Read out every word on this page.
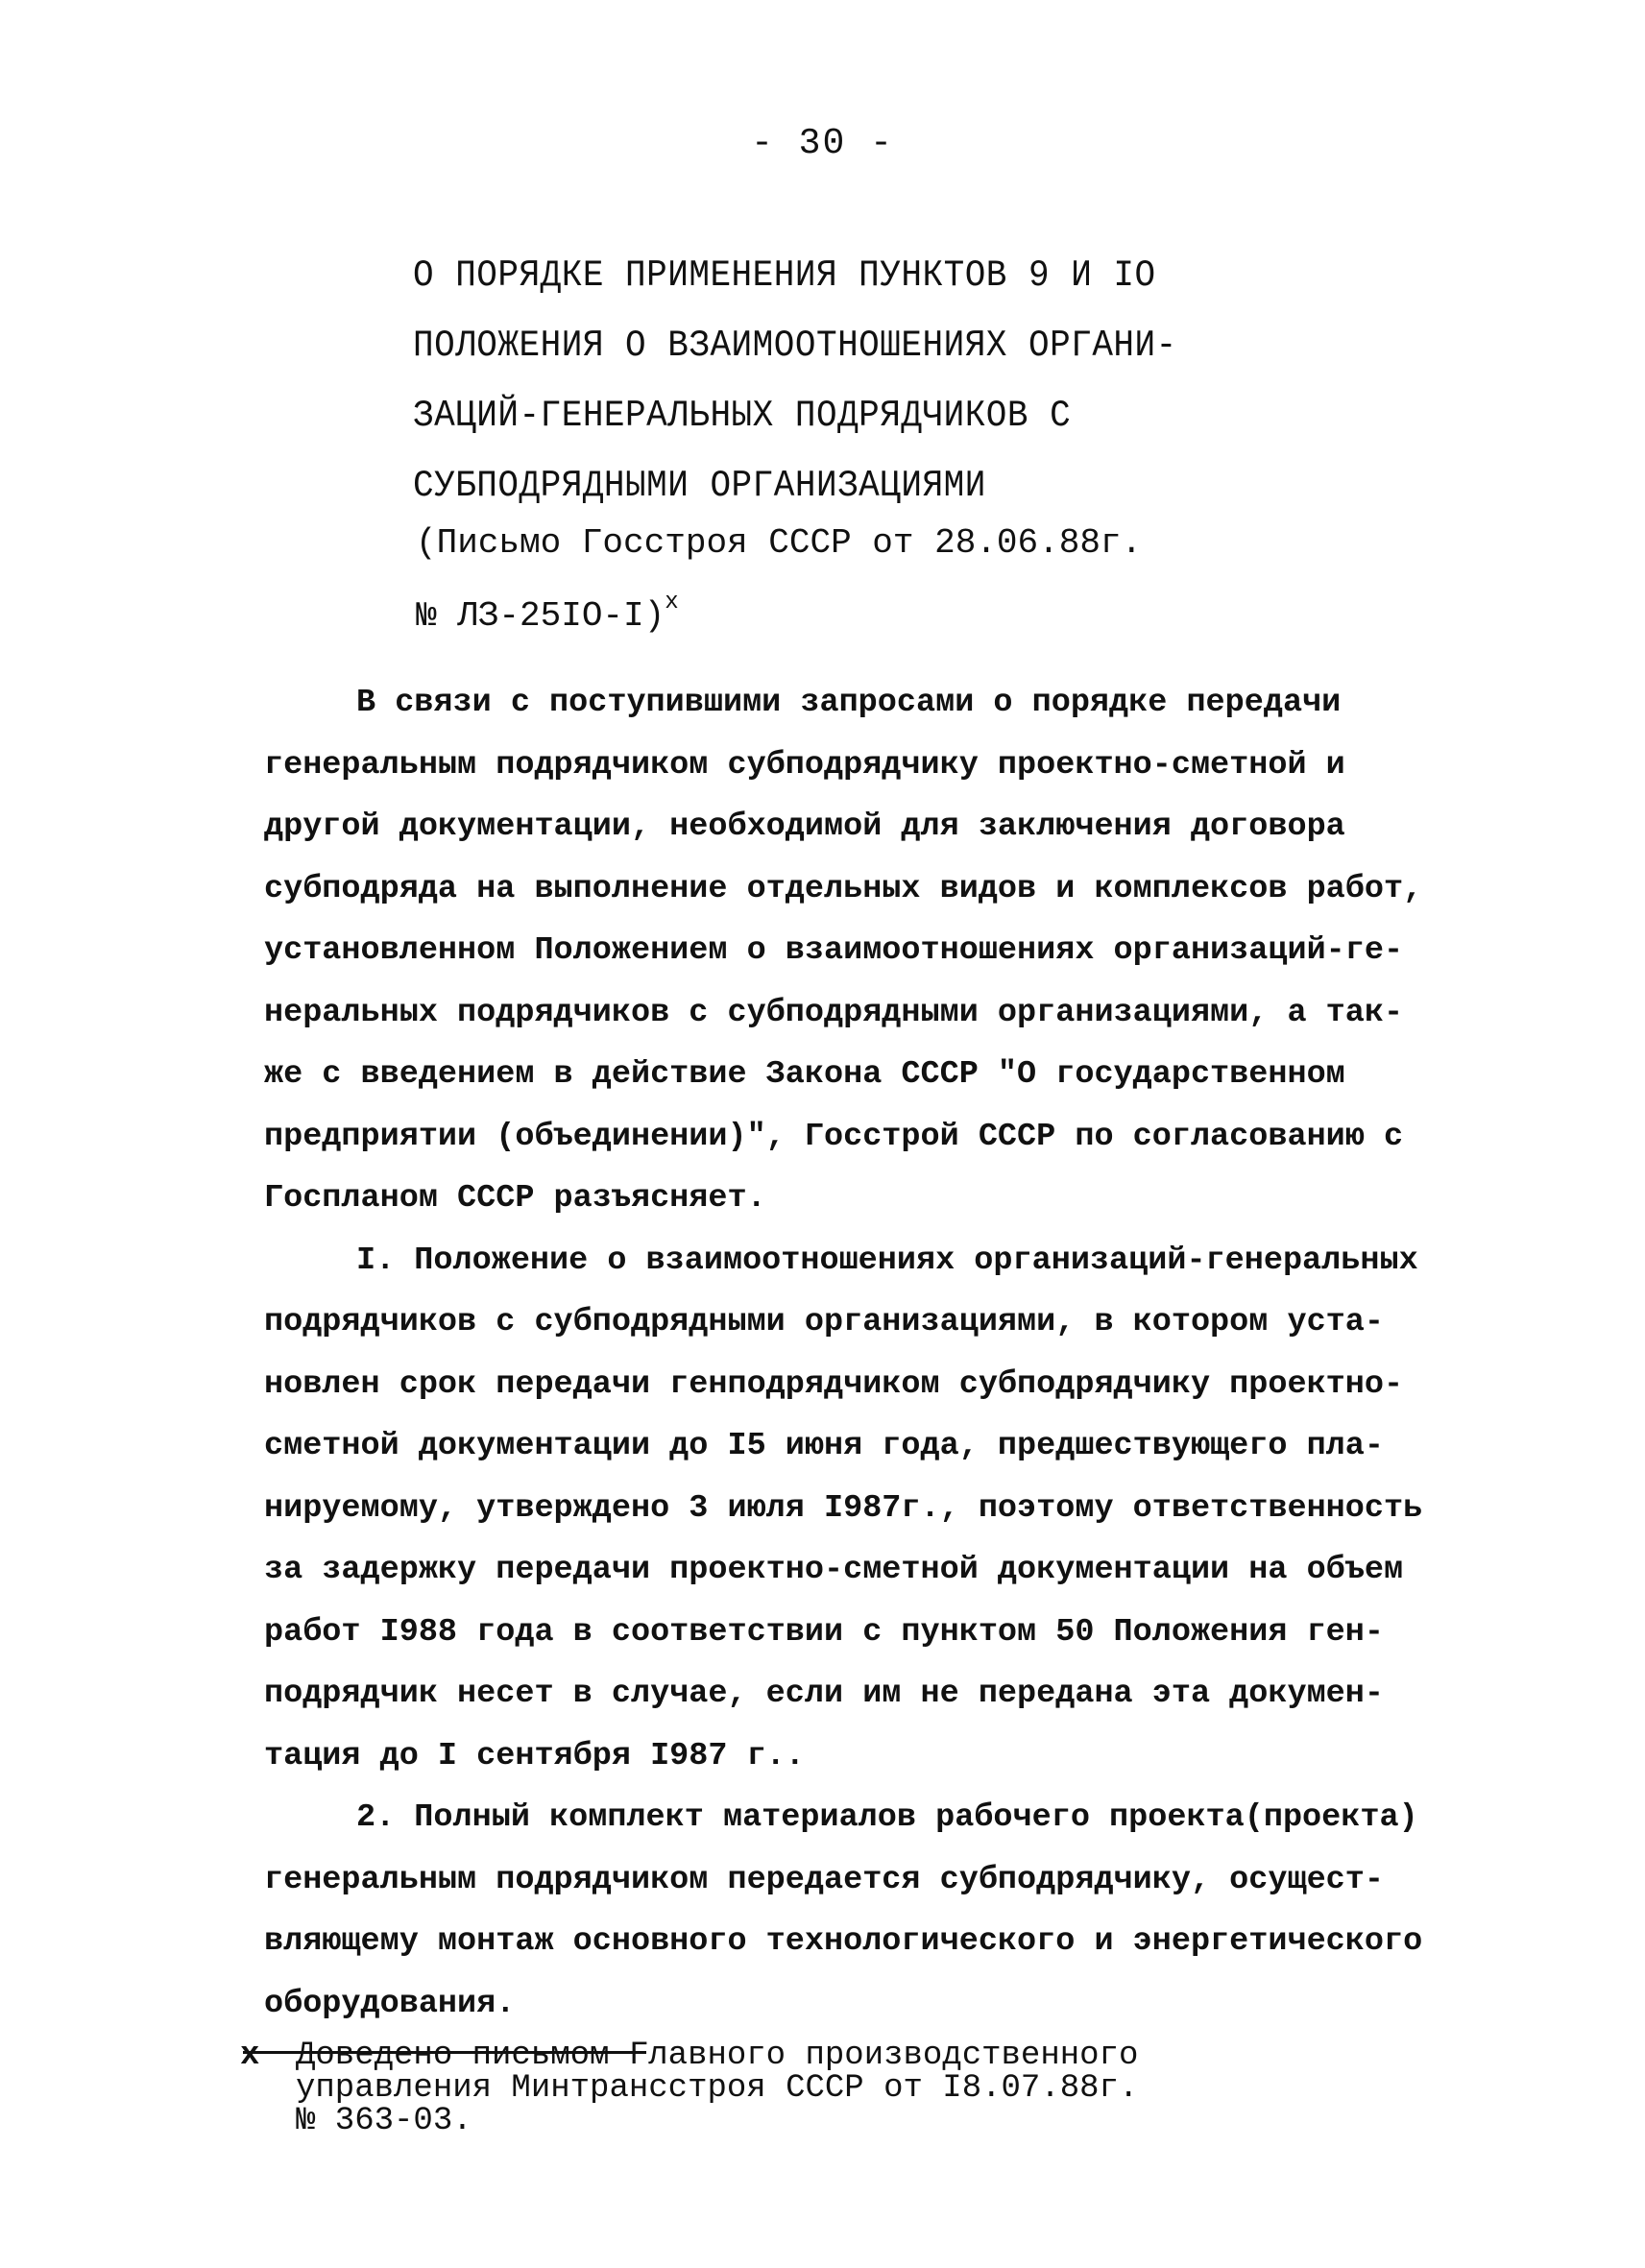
- 30 -
О ПОРЯДКЕ ПРИМЕНЕНИЯ ПУНКТОВ 9 И IO
ПОЛОЖЕНИЯ О ВЗАИМООТНОШЕНИЯХ ОРГАНИ-
ЗАЦИЙ-ГЕНЕРАЛЬНЫХ ПОДРЯДЧИКОВ С
СУБПОДРЯДНЫМИ ОРГАНИЗАЦИЯМИ
(Письмо Госстроя СССР от 28.06.88г.
№ ЛЗ-25IO-I)$^x$
В связи с поступившими запросами о порядке передачи
генеральным подрядчиком субподрядчику проектно-сметной и
другой документации, необходимой для заключения договора
субподряда на выполнение отдельных видов и комплексов работ,
установленном Положением о взаимоотношениях организаций-ге-
неральных подрядчиков с субподрядными организациями, а так-
же с введением в действие Закона СССР "О государственном
предприятии (объединении)", Госстрой СССР по согласованию с
Госпланом СССР разъясняет.
I. Положение о взаимоотношениях организаций-генеральных
подрядчиков с субподрядными организациями, в котором уста-
новлен срок передачи генподрядчиком субподрядчику проектно-
сметной документации до I5 июня года, предшествующего пла-
нируемому, утверждено 3 июля I987г., поэтому ответственность
за задержку передачи проектно-сметной документации на объем
работ I988 года в соответствии с пунктом 50 Положения ген-
подрядчик несет в случае, если им не передана эта докумен-
тация до I сентября I987 г..
2. Полный комплект материалов рабочего проекта(проекта)
генеральным подрядчиком передается субподрядчику, осущест-
вляющему монтаж основного технологического и энергетического
оборудования.
x Доведено письмом Главного производственного
управления Минтрансстроя СССР от I8.07.88г.
№ 363-03.
